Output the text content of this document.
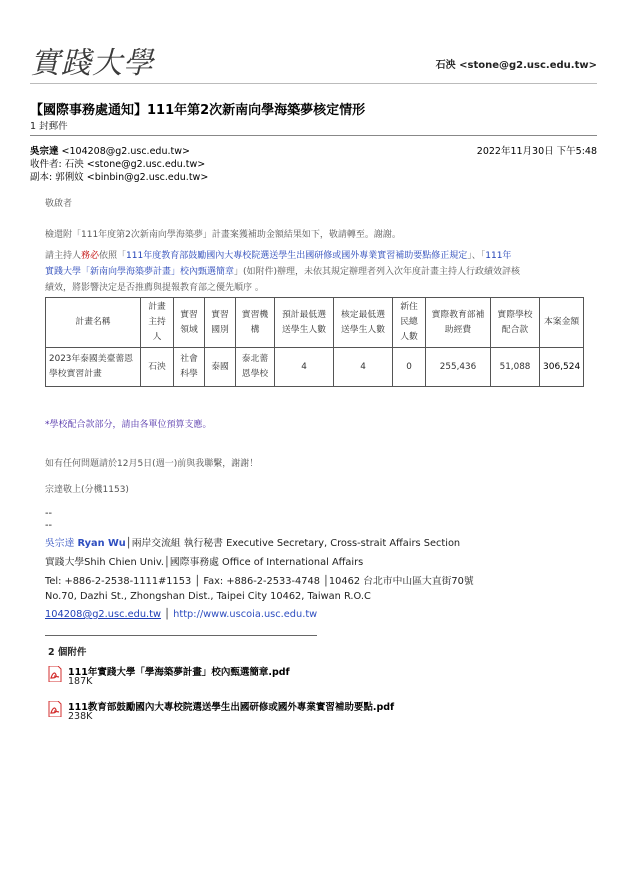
實踐大學	石泱 <stone@g2.usc.edu.tw>
【國際事務處通知】111年第2次新南向學海築夢核定情形
1 封郵件
吳宗達 <104208@g2.usc.edu.tw>	2022年11月30日 下午5:48
收件者: 石泱 <stone@g2.usc.edu.tw>
副本: 郭俐妏 <binbin@g2.usc.edu.tw>
敬啟者
檢還附「111年度第2次新南向學海築夢」計畫案獲補助金額結果如下，敬請轉至。謝謝。
請主持人務必依照「111年度教育部鼓勵國內大專校院選送學生出國研修或國外專業實習補助要點修正規定」、「111年
實踐大學「新南向學海築夢計畫」校內甄選簡章」(如附件)辦理，未依其規定辦理者列入次年度計畫主持人行政績效評核
績效，將影響決定是否推薦與提報教育部之優先順序 。
計畫名稱	計畫主持人	實習領域	實習國別	實習機構	預計最低選送學生人數	核定最低選送學生人數	新住民總人數	實際教育部補助經費	實際學校配合款	本案金額
2023年泰國美臺薷恩學校實習計畫	石泱	社會科學	泰國	泰北薷恩學校	4	4	0	255,436	51,088	306,524
*學校配合款部分，請由各單位預算支應。
如有任何問題請於12月5日(週一)前與我聯繫，謝謝！
宗達敬上(分機1153)
--
--
吳宗達 Ryan Wu│兩岸交流組 執行秘書 Executive Secretary, Cross-strait Affairs Section
實踐大學Shih Chien Univ.│國際事務處 Office of International Affairs
Tel: +886-2-2538-1111#1153 │ Fax: +886-2-2533-4748 │10462 台北市中山區大直街70號
No.70, Dazhi St., Zhongshan Dist., Taipei City 10462, Taiwan R.O.C
104208@g2.usc.edu.tw │ http://www.uscoia.usc.edu.tw
2 個附件
111年實踐大學「學海築夢計畫」校內甄選簡章.pdf
187K
111教育部鼓勵國內大專校院選送學生出國研修或國外專業實習補助要點.pdf
238K
